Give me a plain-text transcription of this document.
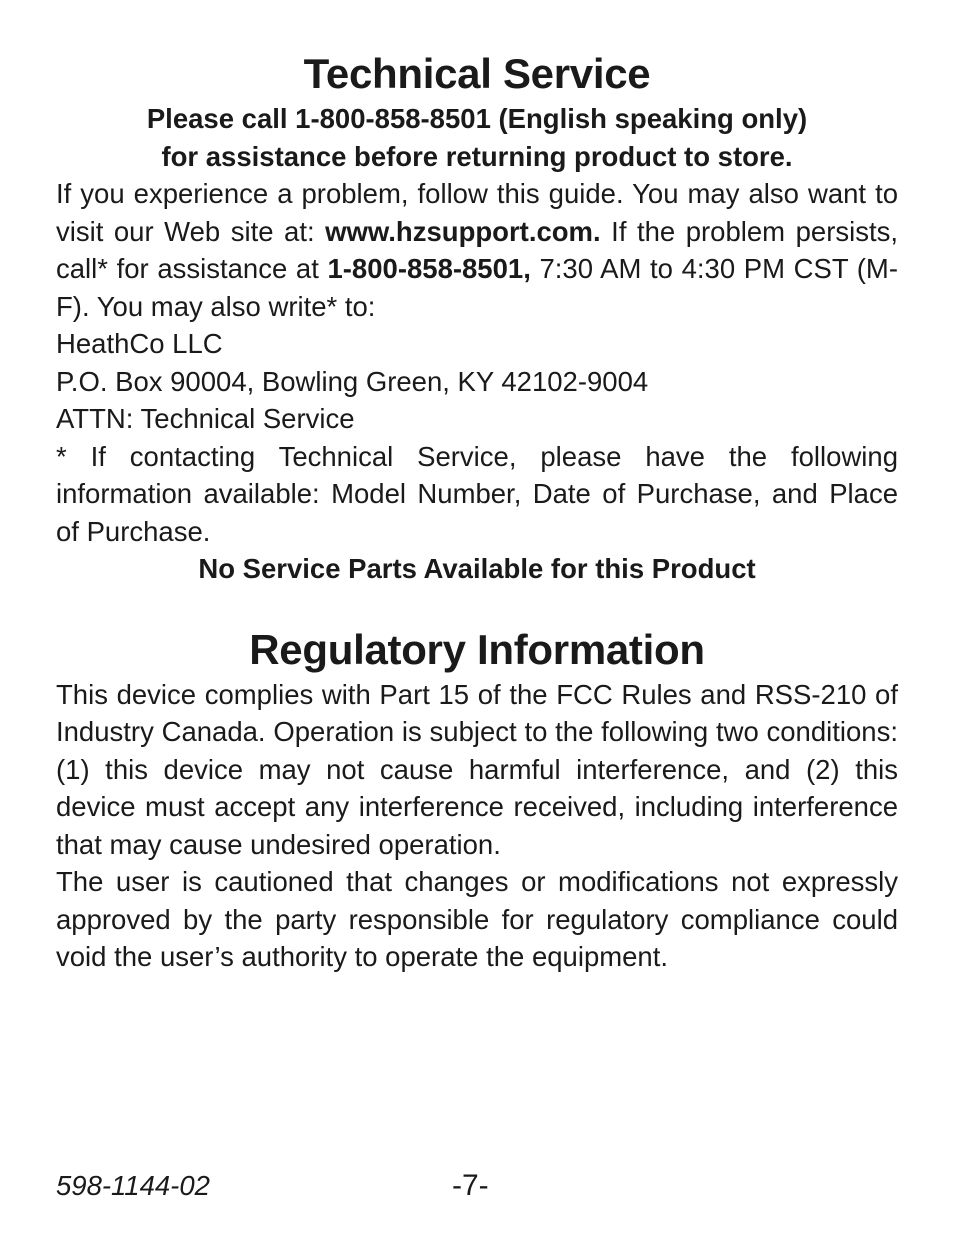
Technical Service
Please call 1-800-858-8501 (English speaking only)
for assistance before returning product to store.

If you experience a problem, follow this guide. You may also want to visit our Web site at: www.hzsupport.com. If the problem persists, call* for assistance at 1-800-858-8501, 7:30 AM to 4:30 PM CST (M-F). You may also write* to:

HeathCo LLC
P.O. Box 90004, Bowling Green, KY 42102-9004
ATTN: Technical Service

* If contacting Technical Service, please have the following information available: Model Number, Date of Purchase, and Place of Purchase.

No Service Parts Available for this Product
Regulatory Information

This device complies with Part 15 of the FCC Rules and RSS-210 of Industry Canada. Operation is subject to the following two conditions: (1) this device may not cause harmful interference, and (2) this device must accept any interference received, including interference that may cause undesired operation.

The user is cautioned that changes or modifications not expressly approved by the party responsible for regulatory compliance could void the user’s authority to operate the equipment.

598-1144-02	-7-
